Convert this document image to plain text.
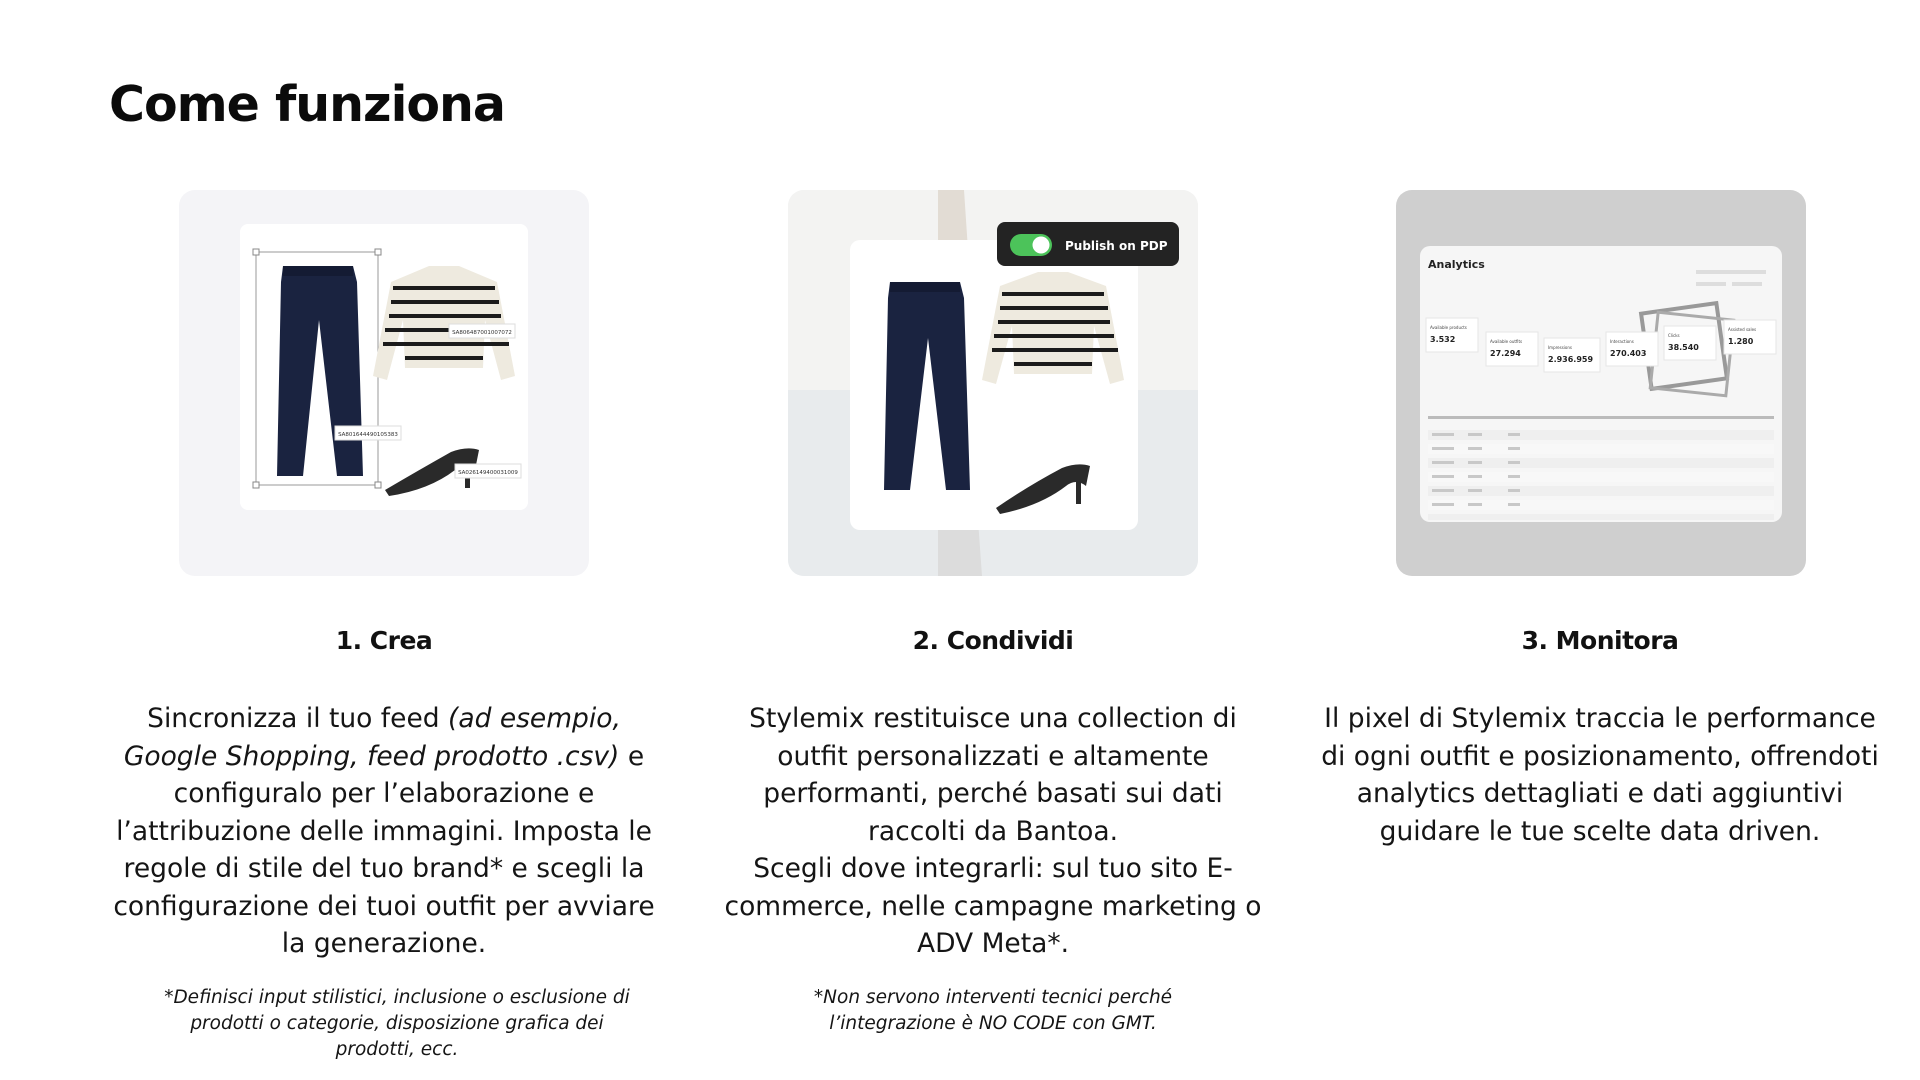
Come funziona
SA801644490105383
SA806487001007072
SA026149400031009
1. Crea

Sincronizza il tuo feed (ad esempio, Google Shopping, feed prodotto .csv) e configuralo per l’elaborazione e l’attribuzione delle immagini. Imposta le regole di stile del tuo brand* e scegli la configurazione dei tuoi outfit per avviare la generazione.

*Definisci input stilistici, inclusione o esclusione di prodotti o categorie, disposizione grafica dei prodotti, ecc.

Publish on PDP
2. Condividi

Stylemix restituisce una collection di outfit personalizzati e altamente performanti, perché basati sui dati raccolti da Bantoa.
Scegli dove integrarli: sul tuo sito E-commerce, nelle campagne marketing o ADV Meta*.

*Non servono interventi tecnici perché l’integrazione è NO CODE con GMT.

Analytics
Available products
3.532	Available outfits
27.294
Impressions
2.936.959
Interactions
270.403
Clicks
38.540
Assisted sales
1.280
3. Monitora

Il pixel di Stylemix traccia le performance di ogni outfit e posizionamento, offrendoti analytics dettagliati e dati aggiuntivi guidare le tue scelte data driven.
